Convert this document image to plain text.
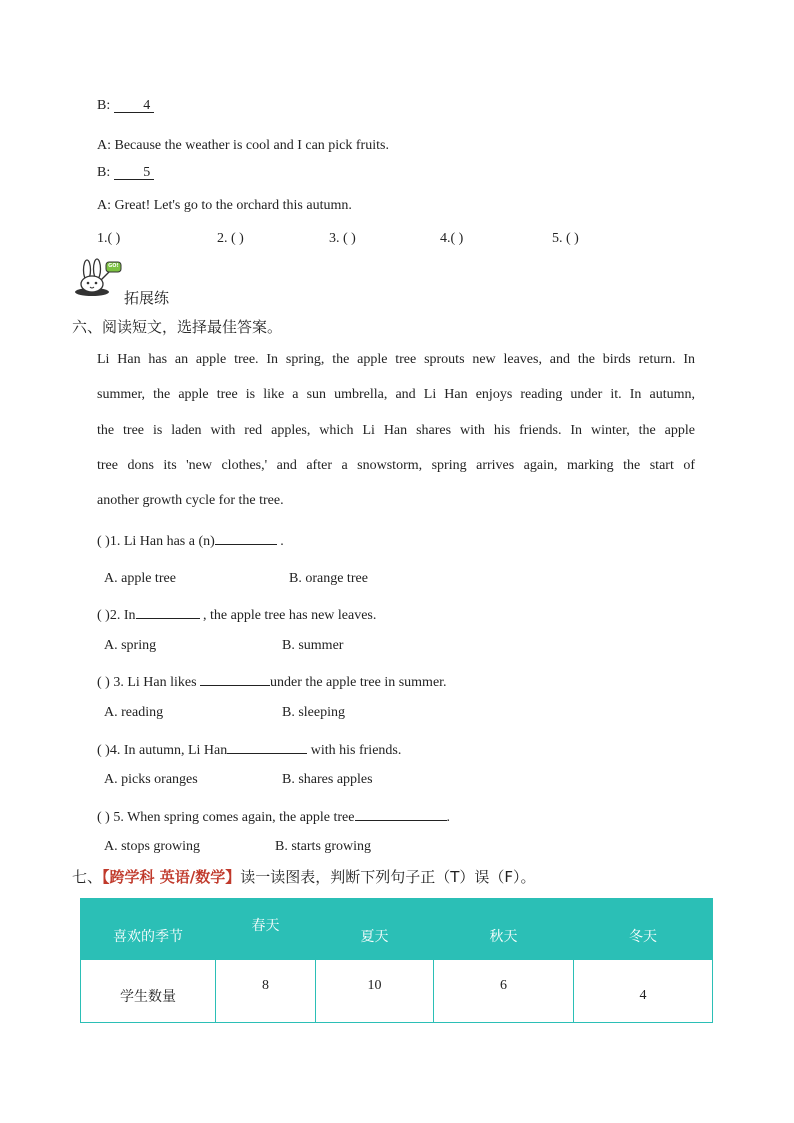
B: 4
A: Because the weather is cool and I can pick fruits.
B: 5
A: Great! Let's go to the orchard this autumn.
1.( )	2. ( )	3. ( )	4.( )	5. ( )
GO!
拓展练
六、阅读短文，选择最佳答案。
Li Han has an apple tree. In spring, the apple tree sprouts new leaves, and the birds return. In
summer, the apple tree is like a sun umbrella, and Li Han enjoys reading under it. In autumn,
the tree is laden with red apples, which Li Han shares with his friends. In winter, the apple
tree dons its 'new clothes,' and after a snowstorm, spring arrives again, marking the start of
another growth cycle for the tree.
( )1. Li Han has a (n)	.
A. apple tree	B. orange tree
( )2. In	, the apple tree has new leaves.
A. spring	B. summer
( ) 3. Li Han likes	under the apple tree in summer.
A. reading	B. sleeping
( )4. In autumn, Li Han	with his friends.
A. picks oranges	B. shares apples
( ) 5. When spring comes again, the apple tree	.
A. stops growing	B. starts growing
七、【跨学科 英语/数学】读一读图表，判断下列句子正（T）误（F）。
喜欢的季节	春天	夏天	秋天	冬天
学生数量	8	10	6	4
